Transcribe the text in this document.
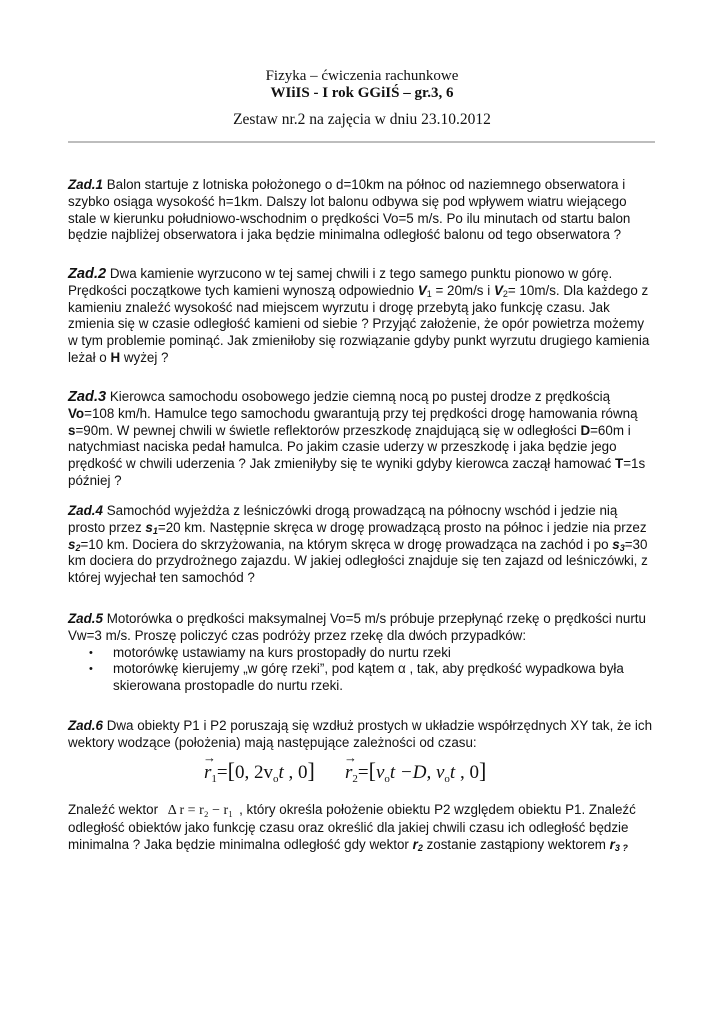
Fizyka – ćwiczenia rachunkowe
WIiIS - I rok GGiIŚ – gr.3, 6
Zestaw nr.2 na zajęcia w dniu 23.10.2012
Zad.1 Balon startuje z lotniska położonego o d=10km na północ od naziemnego obserwatora i szybko osiąga wysokość h=1km. Dalszy lot balonu odbywa się pod wpływem wiatru wiejącego stale w kierunku południowo-wschodnim o prędkości Vo=5 m/s. Po ilu minutach od startu balon będzie najbliżej obserwatora i jaka będzie minimalna odległość balonu od tego obserwatora ?
Zad.2 Dwa kamienie wyrzucono w tej samej chwili i z tego samego punktu pionowo w górę. Prędkości początkowe tych kamieni wynoszą odpowiednio $V_1 = 20m/s$ i $V_2= 10m/s$. Dla każdego z kamieniu znaleźć wysokość nad miejscem wyrzutu i drogę przebytą jako funkcję czasu. Jak zmienia się w czasie odległość kamieni od siebie ? Przyjąć założenie, że opór powietrza możemy w tym problemie pominąć. Jak zmieniłoby się rozwiązanie gdyby punkt wyrzutu drugiego kamienia leżał o H wyżej ?
Zad.3 Kierowca samochodu osobowego jedzie ciemną nocą po pustej drodze z prędkością Vo=108 km/h. Hamulce tego samochodu gwarantują przy tej prędkości drogę hamowania równą s=90m. W pewnej chwili w świetle reflektorów przeszkodę znajdującą się w odległości D=60m i natychmiast naciska pedał hamulca. Po jakim czasie uderzy w przeszkodę i jaka będzie jego prędkość w chwili uderzenia ? Jak zmieniłyby się te wyniki gdyby kierowca zaczął hamować T=1s później ?
Zad.4 Samochód wyjeżdża z leśniczówki drogą prowadzącą na północny wschód i jedzie nią prosto przez $s_1=20$ km. Następnie skręca w drogę prowadzącą prosto na północ i jedzie nia przez $s_2=10$ km. Dociera do skrzyżowania, na którym skręca w drogę prowadząca na zachód i po $s_3=30$ km dociera do przydrożnego zajazdu. W jakiej odległości znajduje się ten zajazd od leśniczówki, z której wyjechał ten samochód ?
Zad.5 Motorówka o prędkości maksymalnej Vo=5 m/s próbuje przepłynąć rzekę o prędkości nurtu Vw=3 m/s. Proszę policzyć czas podróży przez rzekę dla dwóch przypadków:
• motorówkę ustawiamy na kurs prostopadły do nurtu rzeki
• motorówkę kierujemy „w górę rzeki”, pod kątem α , tak, aby prędkość wypadkowa była skierowana prostopadle do nurtu rzeki.
Zad.6 Dwa obiekty P1 i P2 poruszają się wzdłuż prostych w układzie współrzędnych XY tak, że ich wektory wodzące (położenia) mają następujące zależności od czasu:
→ $r_1=[0$, $2v_ot$ , 0]
→ $r_2=[v_ot -D$, $v_ot$ , 0]
Znaleźć wektor Δ r = r₂ − r₁ , który określa położenie obiektu P2 względem obiektu P1. Znaleźć odległość obiektów jako funkcję czasu oraz określić dla jakiej chwili czasu ich odległość będzie minimalna ? Jaka będzie minimalna odległość gdy wektor $r_2$ zostanie zastąpiony wektorem $r_{3 ?}$
